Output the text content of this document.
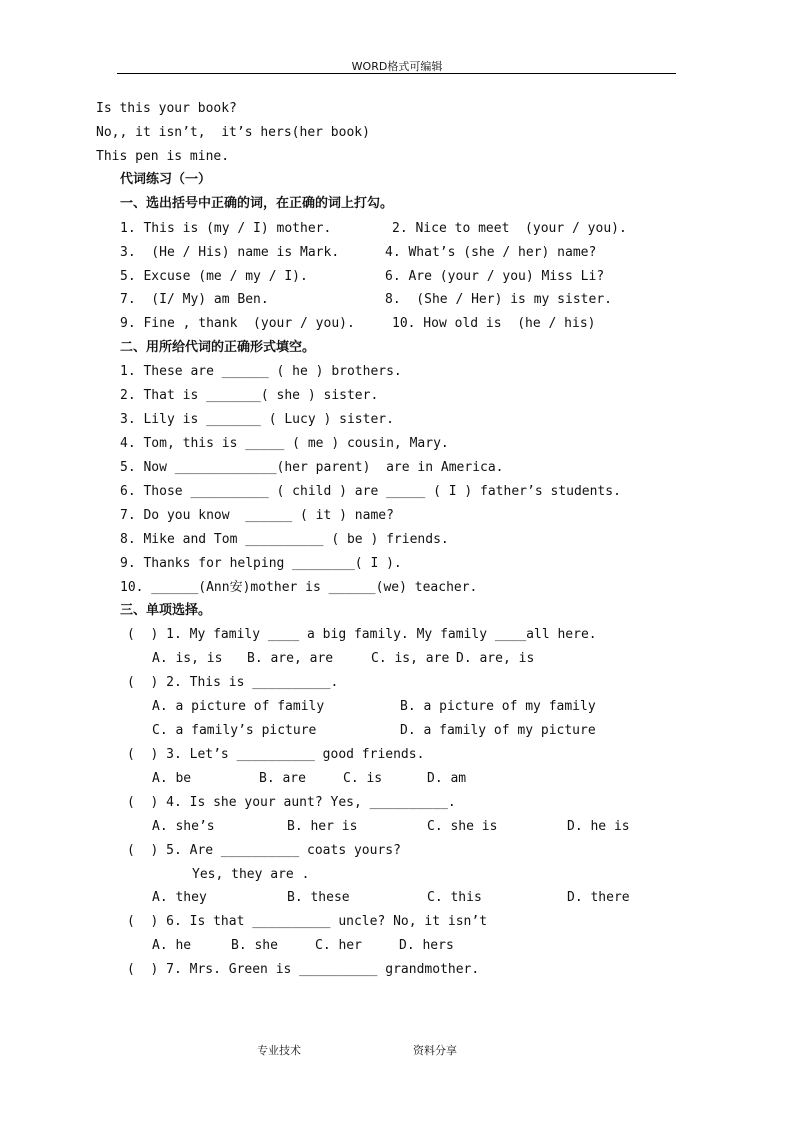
WORD格式可编辑
Is this your book?
No,, it isn’t,  it’s hers(her book)
This pen is mine.
代词练习（一）
一、选出括号中正确的词，在正确的词上打勾。
1. This is (my / I) mother.	2. Nice to meet  (your / you).
3.  (He / His) name is Mark.	4. What’s (she / her) name?
5. Excuse (me / my / I).	6. Are (your / you) Miss Li?
7.  (I/ My) am Ben.	8.  (She / Her) is my sister.
9. Fine , thank  (your / you).	10. How old is  (he / his)
二、用所给代词的正确形式填空。
1. These are ______ ( he ) brothers.
2. That is _______( she ) sister.
3. Lily is _______ ( Lucy ) sister.
4. Tom, this is _____ ( me ) cousin, Mary.
5. Now _____________(her parent)  are in America.
6. Those __________ ( child ) are _____ ( I ) father’s students.
7. Do you know  ______ ( it ) name?
8. Mike and Tom __________ ( be ) friends.
9. Thanks for helping ________( I ).
10. ______(Ann安)mother is ______(we) teacher.
三、单项选择。
(  ) 1. My family ____ a big family. My family ____all here.
A. is, is B. are, are	C. is, are D. are, is
(  ) 2. This is __________.
A. a picture of family	B. a picture of my family
C. a family’s picture	D. a family of my picture
(  ) 3. Let’s __________ good friends.
A. be	B. are	C. is	D. am
(  ) 4. Is she your aunt? Yes, __________.
A. she’s	B. her is	C. she is	D. he is
(  ) 5. Are __________ coats yours?
Yes, they are .
A. they	B. these	C. this	D. there
(  ) 6. Is that __________ uncle? No, it isn’t
A. he	B. she	C. her	D. hers
(  ) 7. Mrs. Green is __________ grandmother.
专业技术	资料分享
